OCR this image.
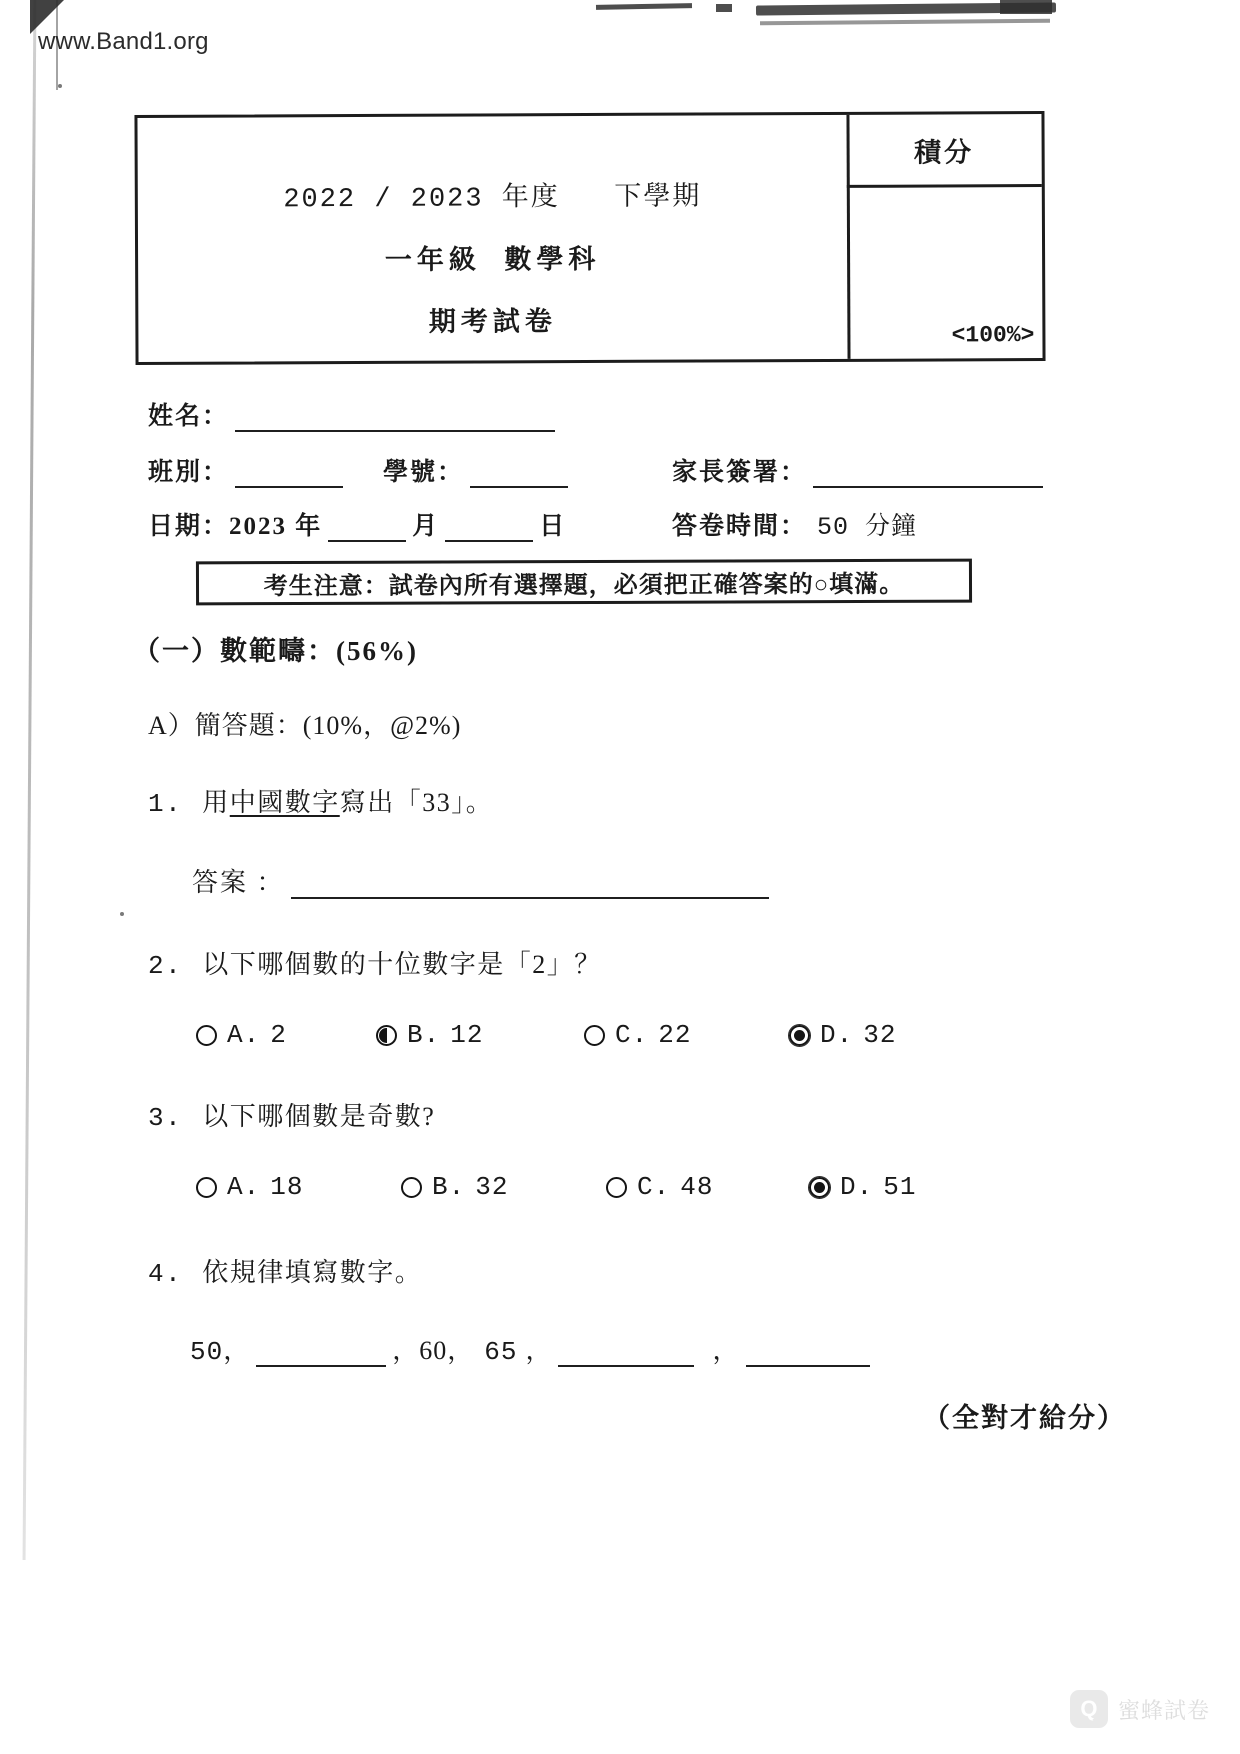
www.Band1.org
2022 / 2023 年度   下學期
一年級  數學科
期考試卷
積分
<100%>
姓名：
班別：	學號：
日期：2023 年	月	日
家長簽署：
答卷時間： 50 分鐘
考生注意：試卷內所有選擇題，必須把正確答案的○填滿。
（一）數範疇：(56%)
A）簡答題：(10%，@2%)
1. 用中國數字寫出「33」。
答案 ：
2. 以下哪個數的十位數字是「2」？
A. 2	B. 12	C. 22	D. 32
3. 以下哪個數是奇數?
A. 18	B. 32	C. 48	D. 51
4. 依規律填寫數字。
50 ，	，60， 65 ，	，
（全對才給分）
Q 蜜蜂試卷
